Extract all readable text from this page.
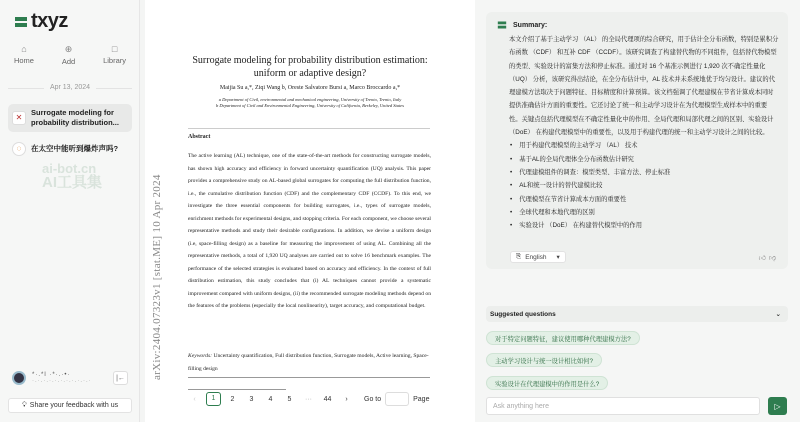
txyz
⌂
Home
⊕
Add
□
Library
Apr 13, 2024
✕
Surrogate modeling for probability distribution...
◌	在太空中能听到爆炸声吗?
ai-bot.cn
AI工具集
*·.*l ·*·.·•·
·.·.·.·.·.·.·.·.·.·.·	|←
💡︎ Share your feedback with us
arXiv:2404.07323v1 [stat.ME] 10 Apr 2024
Surrogate modeling for probability distribution estimation: uniform or adaptive design?
Maijia Su a,*, Ziqi Wang b, Oreste Salvatore Bursi a, Marco Broccardo a,*
a Department of Civil, environmental and mechanical engineering, University of Trento, Trento, Italy
b Department of Civil and Environmental Engineering, University of California, Berkeley, United States
Abstract
The active learning (AL) technique, one of the state-of-the-art methods for constructing surrogate models, has shown high accuracy and efficiency in forward uncertainty quantification (UQ) analysis. This paper provides a comprehensive study on AL-based global surrogates for computing the full distribution function, i.e., the cumulative distribution function (CDF) and the complementary CDF (CCDF). To this end, we investigate the three essential components for building surrogates, i.e., types of surrogate models, enrichment methods for experimental designs, and stopping criteria. For each component, we choose several representative methods and study their desirable configurations. In addition, we devise a uniform design (i.e, space-filling design) as a baseline for measuring the improvement of using AL. Combining all the representative methods, a total of 1,920 UQ analyses are carried out to solve 16 benchmark examples. The performance of the selected strategies is evaluated based on accuracy and efficiency. In the context of full distribution estimation, this study concludes that (i) AL techniques cannot provide a systematic improvement compared with uniform designs, (ii) the recommended surrogate modeling methods depend on the features of the problems (especially the local nonlinearity), target accuracy, and computational budget.
Keywords: Uncertainty quantification, Full distribution function, Surrogate models, Active learning, Space-filling design
‹	1	2	3	4	5	···	44	›	Go to	Page
Summary:
本文介绍了基于主动学习 （AL） 的全局代理项的综合研究，用于估计全分布函数，特别是累积分布函数 （CDF） 和互补 CDF （CCDF）。该研究调查了构建替代物的不同组件，包括替代物模型的类型、实验设计的富集方法和停止标准。通过对 16 个基准示例进行 1,920 次不确定性量化 （UQ） 分析，该研究得出结论，在全分布估计中，AL 技术并未系统地优于均匀设计。建议的代理建模方法取决于问题特征、目标精度和计算预算。该文档强调了代理建模在节省计算成本同时提供准确估计方面的重要性。它还讨论了统一和主动学习设计在为代理模型生成样本中的重要性。关键点包括代理模型在不确定性量化中的作用、全局代理和局部代理之间的区别、实验设计 （DoE） 在构建代理模型中的重要性，以及用于构建代理的统一和主动学习设计之间的比较。
• 用于构建代理模型的主动学习 （AL） 技术
• 基于AL的全局代理体全分布函数估计研究
• 代理建模组件的调查：模型类型、丰富方法、停止标准
• AL和统一设计的替代建模比较
• 代理模型在节省计算成本方面的重要性
• 全球代理和本地代理的区别
• 实验设计 （DoE） 在构建替代模型中的作用
⎘ English ▾	👍︎ 👎︎
Suggested questions	⌄
对于特定问题特征，建议使用哪种代理建模方法?
主动学习设计与统一设计相比如何?
实验设计在代理建模中的作用是什么?
Ask anything here	▷
